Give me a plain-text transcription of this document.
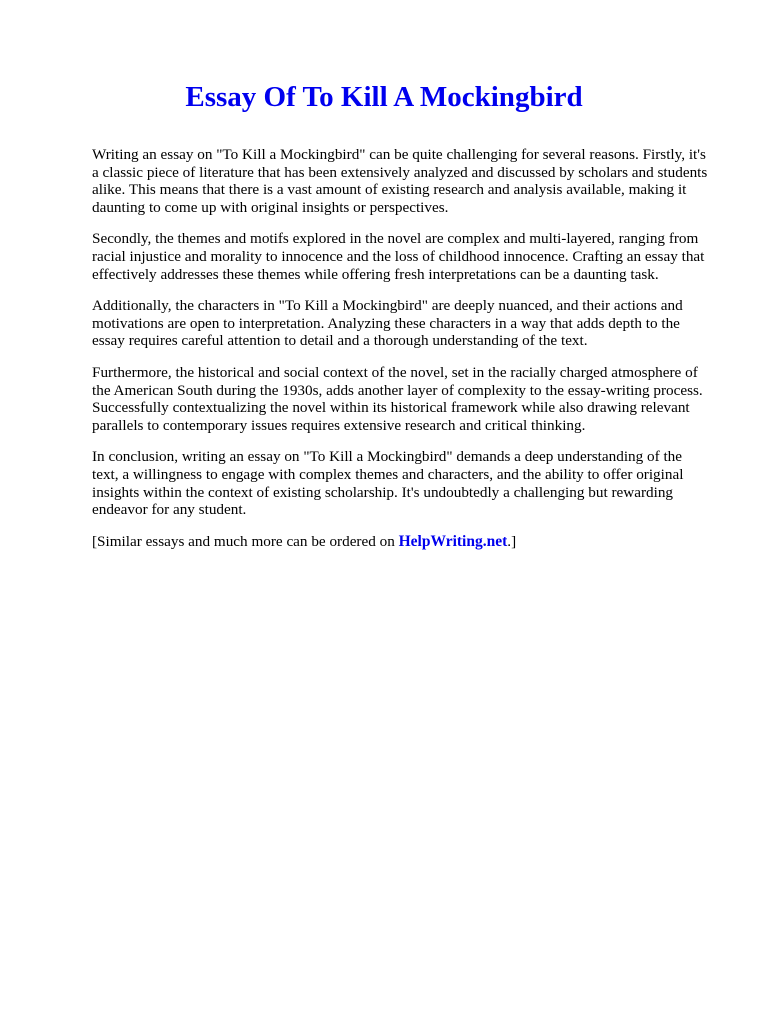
Essay Of To Kill A Mockingbird

Writing an essay on "To Kill a Mockingbird" can be quite challenging for several reasons. Firstly, it's
a classic piece of literature that has been extensively analyzed and discussed by scholars and students
alike. This means that there is a vast amount of existing research and analysis available, making it
daunting to come up with original insights or perspectives.

Secondly, the themes and motifs explored in the novel are complex and multi-layered, ranging from
racial injustice and morality to innocence and the loss of childhood innocence. Crafting an essay that
effectively addresses these themes while offering fresh interpretations can be a daunting task.

Additionally, the characters in "To Kill a Mockingbird" are deeply nuanced, and their actions and
motivations are open to interpretation. Analyzing these characters in a way that adds depth to the
essay requires careful attention to detail and a thorough understanding of the text.

Furthermore, the historical and social context of the novel, set in the racially charged atmosphere of
the American South during the 1930s, adds another layer of complexity to the essay-writing process.
Successfully contextualizing the novel within its historical framework while also drawing relevant
parallels to contemporary issues requires extensive research and critical thinking.

In conclusion, writing an essay on "To Kill a Mockingbird" demands a deep understanding of the
text, a willingness to engage with complex themes and characters, and the ability to offer original
insights within the context of existing scholarship. It's undoubtedly a challenging but rewarding
endeavor for any student.

[Similar essays and much more can be ordered on HelpWriting.net.]
